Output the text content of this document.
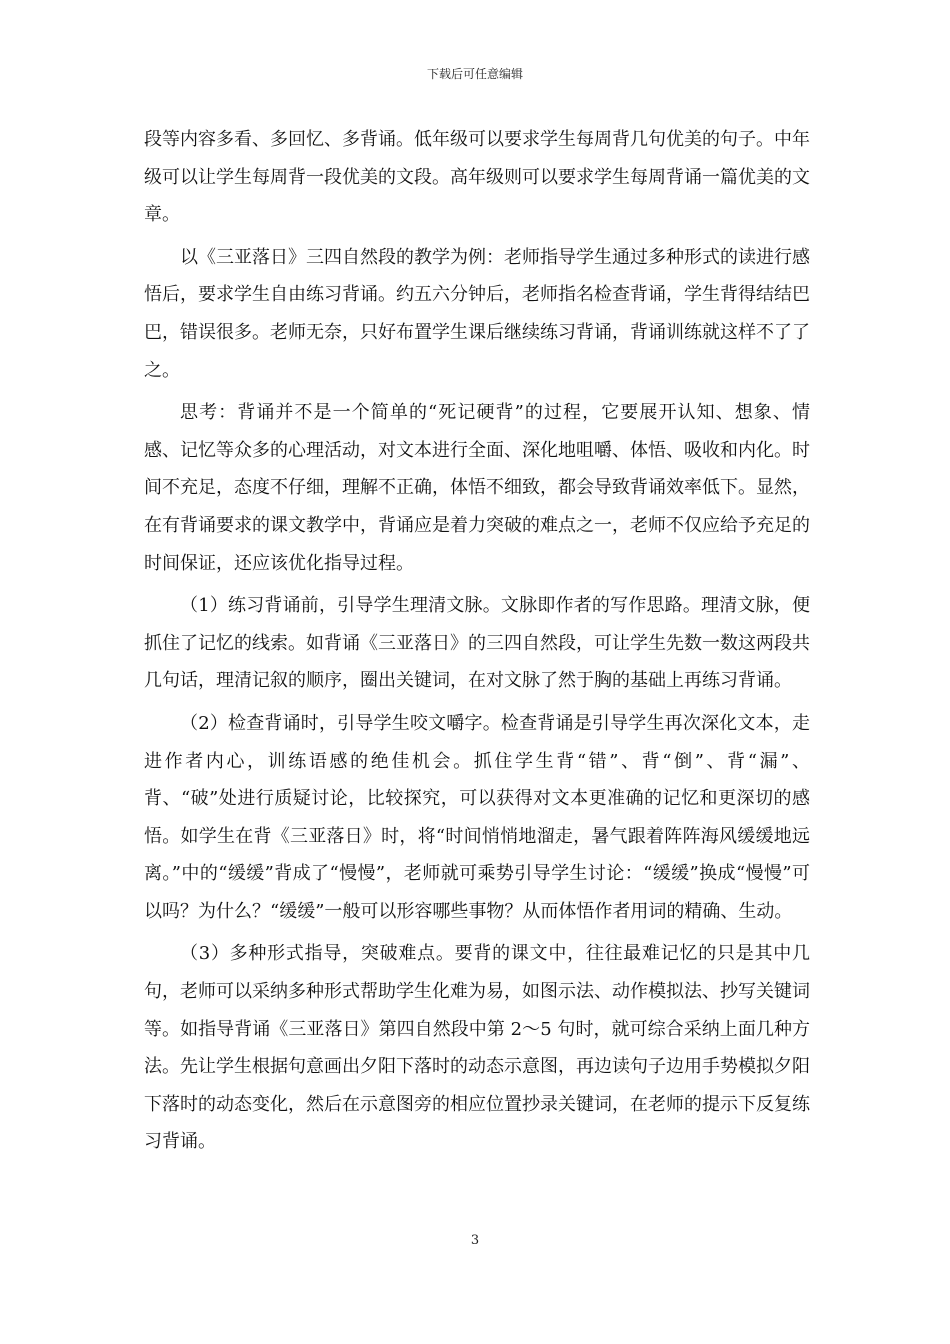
下载后可任意编辑

段等内容多看、多回忆、多背诵。低年级可以要求学生每周背几句优美的句子。中年级可以让学生每周背一段优美的文段。高年级则可以要求学生每周背诵一篇优美的文章。

以《三亚落日》三四自然段的教学为例：老师指导学生通过多种形式的读进行感悟后，要求学生自由练习背诵。约五六分钟后，老师指名检查背诵，学生背得结结巴巴，错误很多。老师无奈，只好布置学生课后继续练习背诵，背诵训练就这样不了了之。

思考：背诵并不是一个简单的“死记硬背”的过程，它要展开认知、想象、情感、记忆等众多的心理活动，对文本进行全面、深化地咀嚼、体悟、吸收和内化。时间不充足，态度不仔细，理解不正确，体悟不细致，都会导致背诵效率低下。显然，在有背诵要求的课文教学中，背诵应是着力突破的难点之一，老师不仅应给予充足的时间保证，还应该优化指导过程。

（1）练习背诵前，引导学生理清文脉。文脉即作者的写作思路。理清文脉，便抓住了记忆的线索。如背诵《三亚落日》的三四自然段，可让学生先数一数这两段共几句话，理清记叙的顺序，圈出关键词，在对文脉了然于胸的基础上再练习背诵。

（2）检查背诵时，引导学生咬文嚼字。检查背诵是引导学生再次深化文本，走进作者内心，训练语感的绝佳机会。抓住学生背“错”、背“倒”、背“漏”、背、“破”处进行质疑讨论，比较探究，可以获得对文本更准确的记忆和更深切的感悟。如学生在背《三亚落日》时，将“时间悄悄地溜走，暑气跟着阵阵海风缓缓地远离。”中的“缓缓”背成了“慢慢”，老师就可乘势引导学生讨论：“缓缓”换成“慢慢”可以吗？为什么？“缓缓”一般可以形容哪些事物？从而体悟作者用词的精确、生动。

（3）多种形式指导，突破难点。要背的课文中，往往最难记忆的只是其中几句，老师可以采纳多种形式帮助学生化难为易，如图示法、动作模拟法、抄写关键词等。如指导背诵《三亚落日》第四自然段中第 2～5 句时，就可综合采纳上面几种方法。先让学生根据句意画出夕阳下落时的动态示意图，再边读句子边用手势模拟夕阳下落时的动态变化，然后在示意图旁的相应位置抄录关键词，在老师的提示下反复练习背诵。

3
